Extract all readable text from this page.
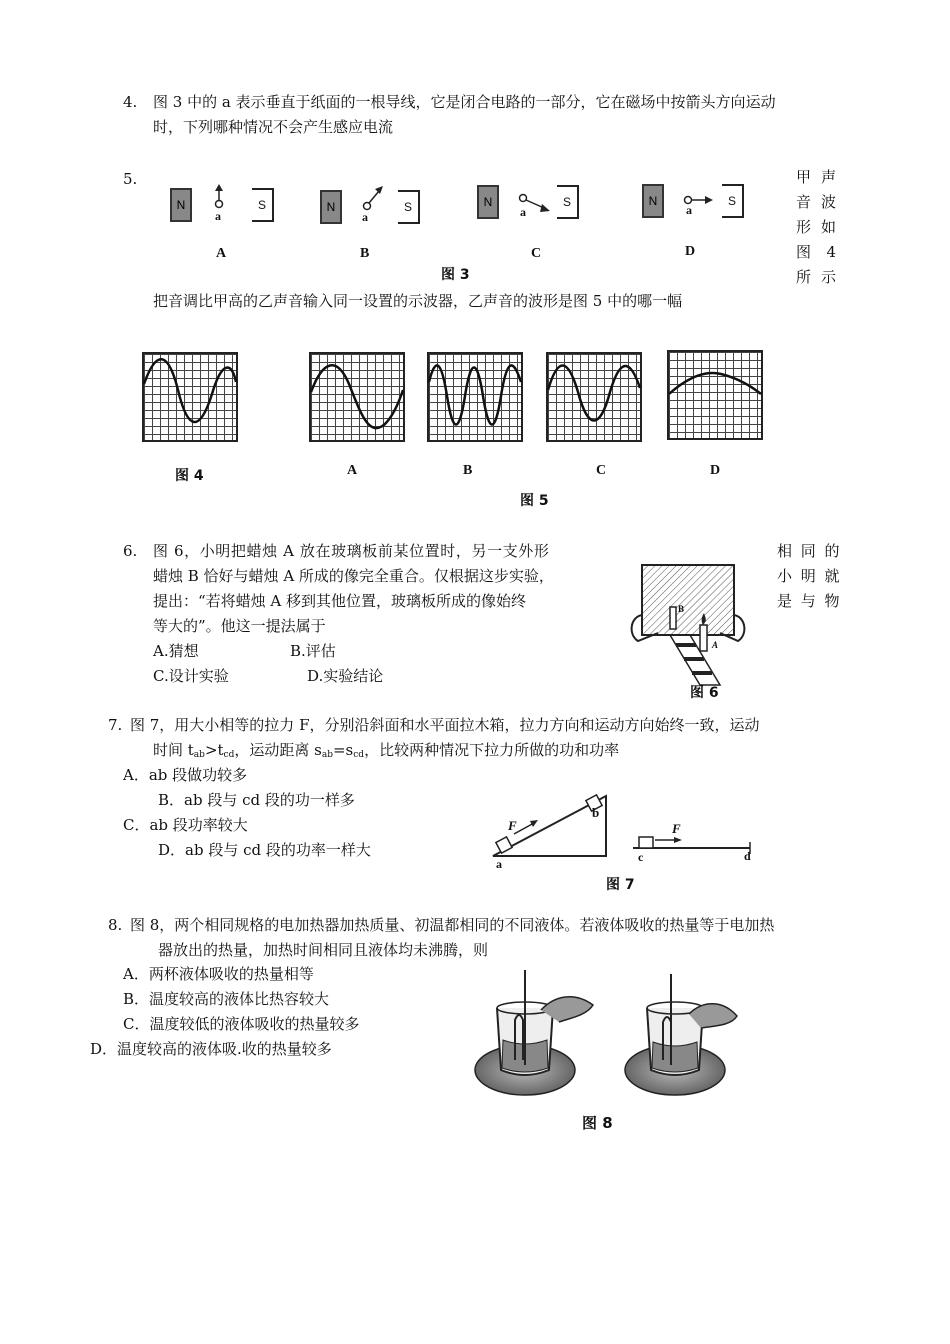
4. 图 3 中的 a 表示垂直于纸面的一根导线，它是闭合电路的一部分，它在磁场中按箭头方向运动
时，下列哪种情况不会产生感应电流
5.
N
a
S
A
N
a
S
B
N
a
S
C
N
a
S
D
图 3
甲 声
音 波
形 如
图 4
所 示
把音调比甲高的乙声音输入同一设置的示波器，乙声音的波形是图 5 中的哪一幅
图 4	A	B	C	D
图 5
6. 图 6，小明把蜡烛 A 放在玻璃板前某位置时，另一支外形
蜡烛 B 恰好与蜡烛 A 所成的像完全重合。仅根据这步实验，
提出：“若将蜡烛 A 移到其他位置，玻璃板所成的像始终
等大的”。他这一提法属于
A.猜想	B.评估
C.设计实验	D.实验结论
相 同 的
小 明 就
是 与 物
B
A
图 6
7. 图 7，用大小相等的拉力 F，分别沿斜面和水平面拉木箱，拉力方向和运动方向始终一致，运动
时间 $t_{ab}>t_{cd}$，运动距离 $s_{ab}=s_{cd}$，比较两种情况下拉力所做的功和功率
A．ab 段做功较多
B．ab 段与 cd 段的功一样多
C．ab 段功率较大
D．ab 段与 cd 段的功率一样大
F
a
b
F
c	d
图 7
8. 图 8，两个相同规格的电加热器加热质量、初温都相同的不同液体。若液体吸收的热量等于电加热
器放出的热量，加热时间相同且液体均未沸腾，则
A．两杯液体吸收的热量相等
B．温度较高的液体比热容较大
C．温度较低的液体吸收的热量较多
D．温度较高的液体吸.收的热量较多
图 8
